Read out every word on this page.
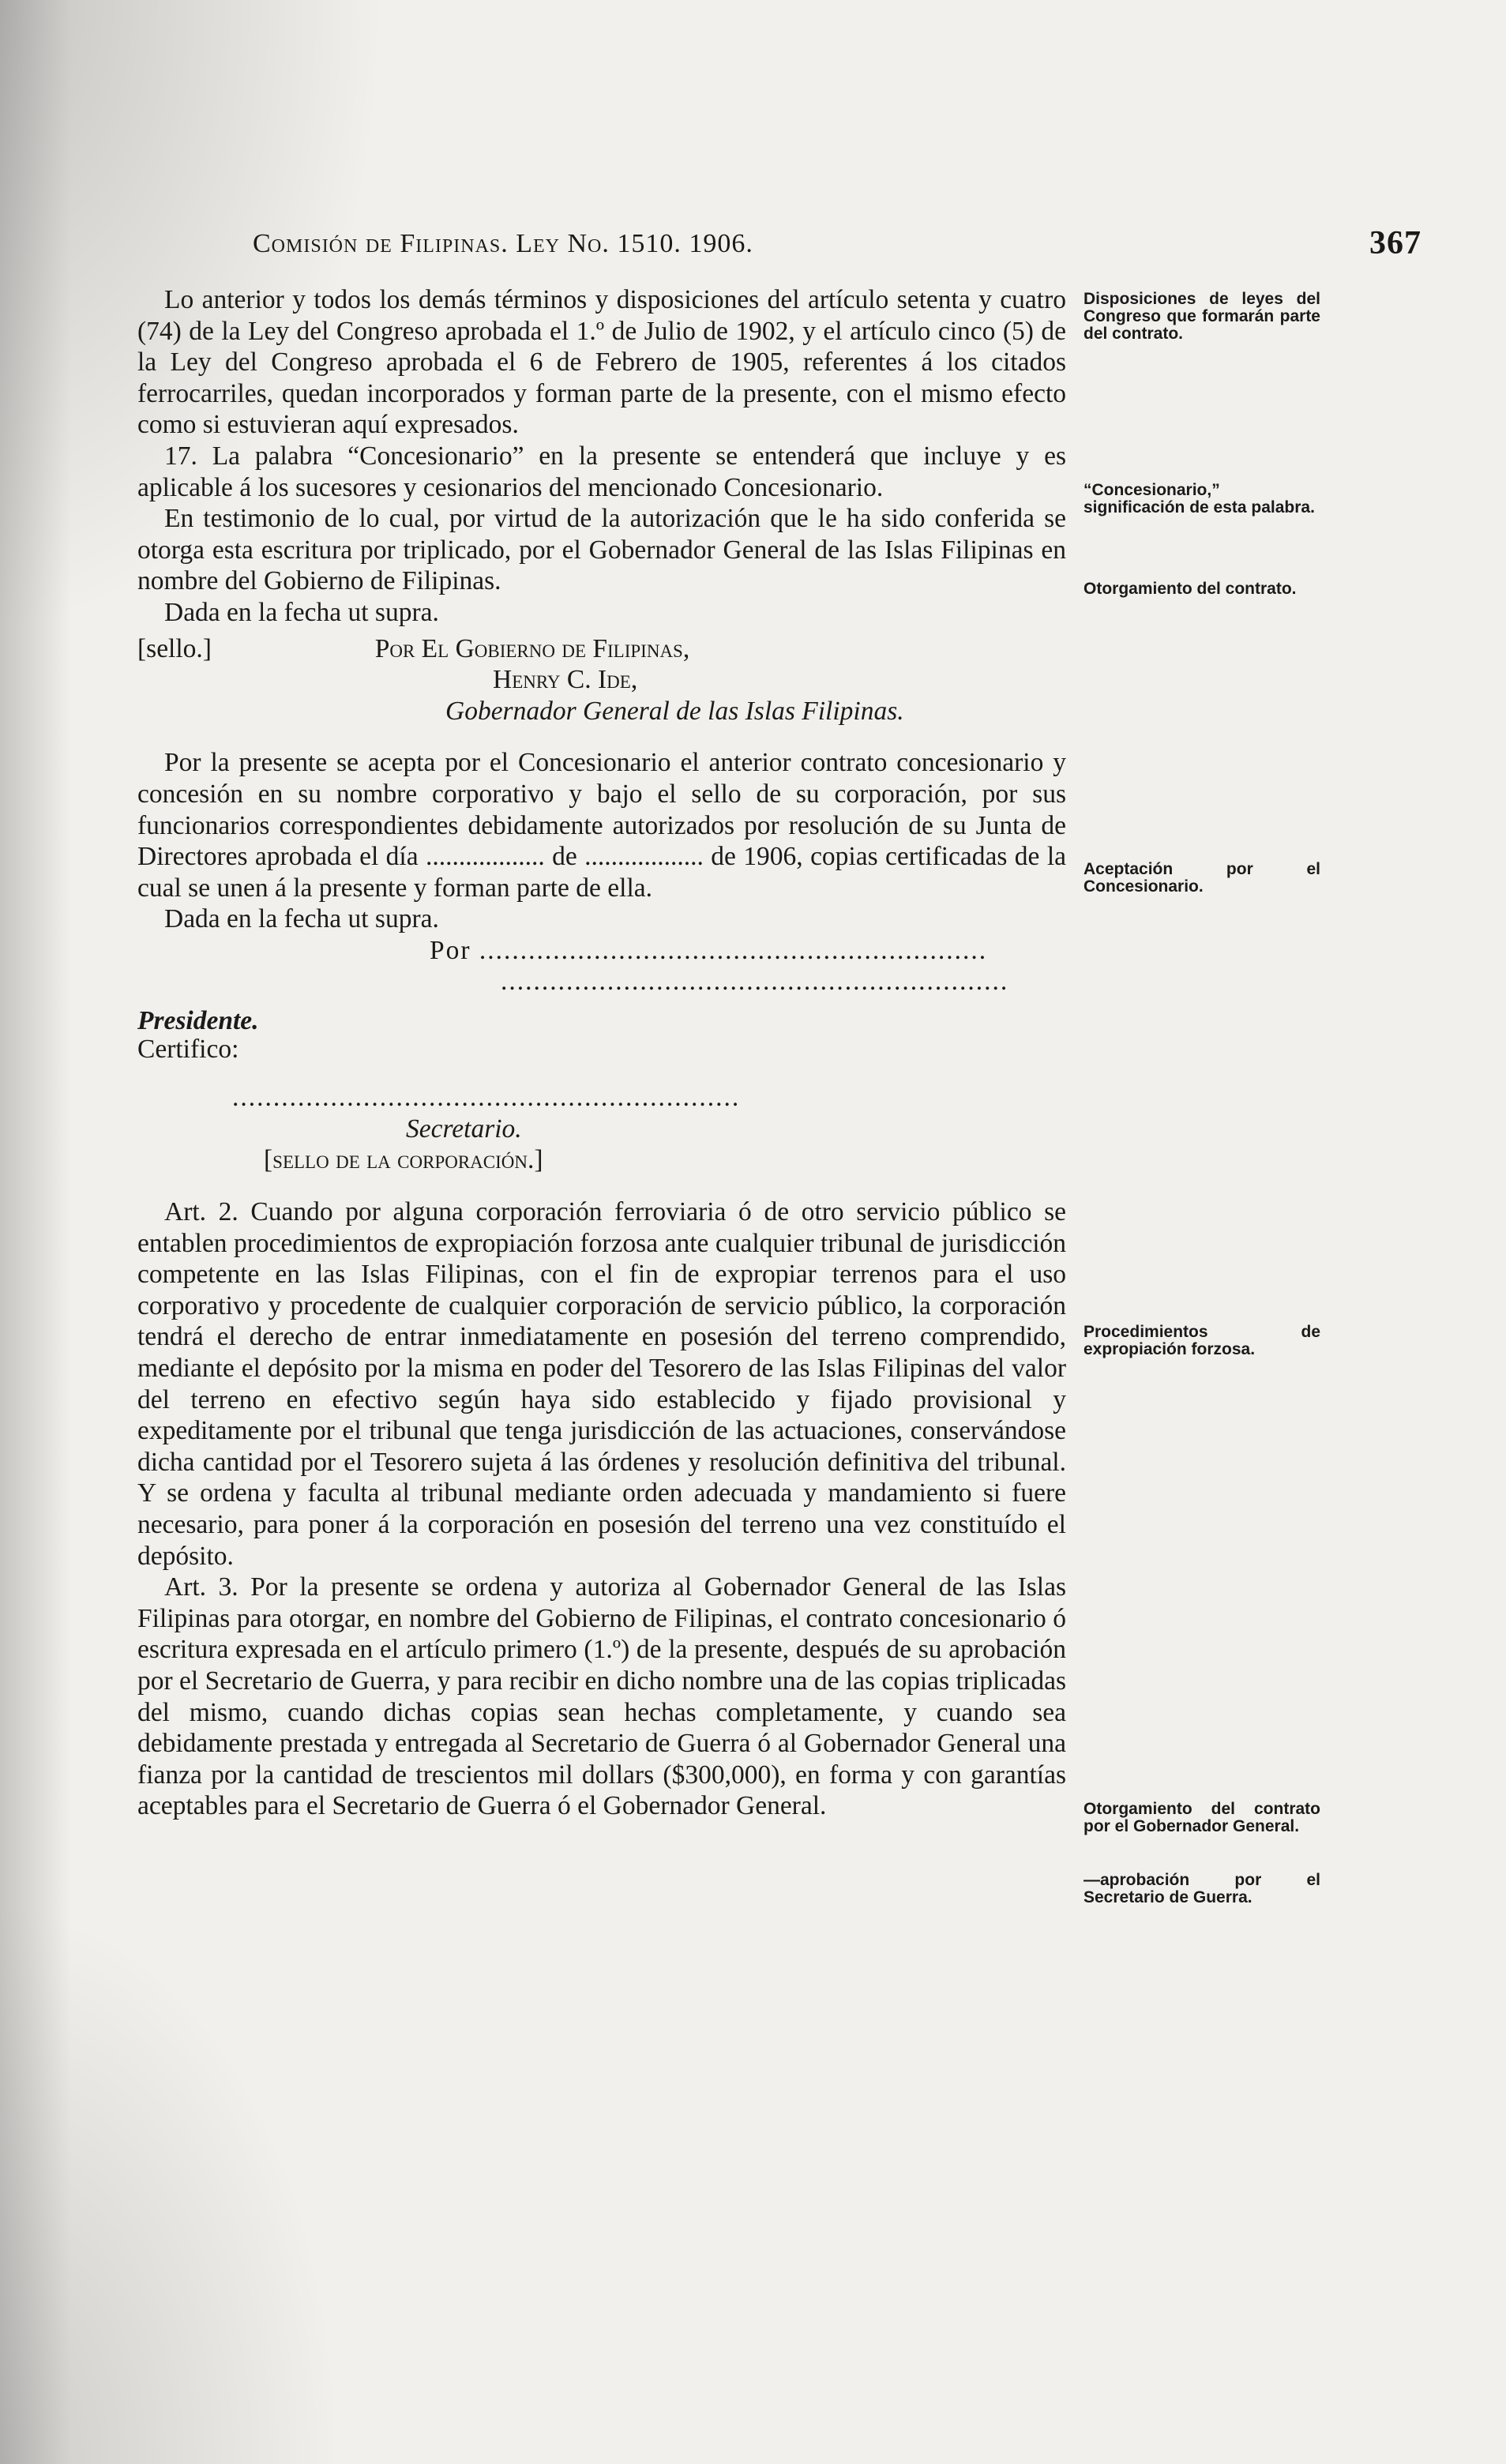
Comisión de Filipinas. Ley No. 1510. 1906.	367

Lo anterior y todos los demás términos y disposiciones del artículo setenta y cuatro (74) de la Ley del Congreso aprobada el 1.º de Julio de 1902, y el artículo cinco (5) de la Ley del Congreso aprobada el 6 de Febrero de 1905, referentes á los citados ferrocarriles, quedan incorporados y forman parte de la presente, con el mismo efecto como si estuvieran aquí expresados.

17. La palabra “Concesionario” en la presente se entenderá que incluye y es aplicable á los sucesores y cesionarios del mencionado Concesionario.

En testimonio de lo cual, por virtud de la autorización que le ha sido conferida se otorga esta escritura por triplicado, por el Gobernador General de las Islas Filipinas en nombre del Gobierno de Filipinas.

Dada en la fecha ut supra.

[sello.]	Por El Gobierno de Filipinas,

Henry C. Ide,

Gobernador General de las Islas Filipinas.

Por la presente se acepta por el Concesionario el anterior contrato concesionario y concesión en su nombre corporativo y bajo el sello de su corporación, por sus funcionarios correspondientes debidamente autorizados por resolución de su Junta de Directores aprobada el día .................. de .................. de 1906, copias certificadas de la cual se unen á la presente y forman parte de ella.

Dada en la fecha ut supra.

Por ..............................................................

..............................................................

Presidente.

Certifico:

..............................................................

Secretario.

[sello de la corporación.]

Art. 2. Cuando por alguna corporación ferroviaria ó de otro servicio público se entablen procedimientos de expropiación forzosa ante cualquier tribunal de jurisdicción competente en las Islas Filipinas, con el fin de expropiar terrenos para el uso corporativo y procedente de cualquier corporación de servicio público, la corporación tendrá el derecho de entrar inmediatamente en posesión del terreno comprendido, mediante el depósito por la misma en poder del Tesorero de las Islas Filipinas del valor del terreno en efectivo según haya sido establecido y fijado provisional y expeditamente por el tribunal que tenga jurisdicción de las actuaciones, conservándose dicha cantidad por el Tesorero sujeta á las órdenes y resolución definitiva del tribunal. Y se ordena y faculta al tribunal mediante orden adecuada y mandamiento si fuere necesario, para poner á la corporación en posesión del terreno una vez constituído el depósito.

Art. 3. Por la presente se ordena y autoriza al Gobernador General de las Islas Filipinas para otorgar, en nombre del Gobierno de Filipinas, el contrato concesionario ó escritura expresada en el artículo primero (1.º) de la presente, después de su aprobación por el Secretario de Guerra, y para recibir en dicho nombre una de las copias triplicadas del mismo, cuando dichas copias sean hechas completamente, y cuando sea debidamente prestada y entregada al Secretario de Guerra ó al Gobernador General una fianza por la cantidad de trescientos mil dollars ($300,000), en forma y con garantías aceptables para el Secretario de Guerra ó el Gobernador General.

Disposiciones de leyes del Congreso que formarán parte del contrato.
“Concesionario,” significación de esta palabra.
Otorgamiento del contrato.
Aceptación por el Concesionario.
Procedimientos de expropiación forzosa.
Otorgamiento del contrato por el Gobernador General.
—aprobación por el Secretario de Guerra.
